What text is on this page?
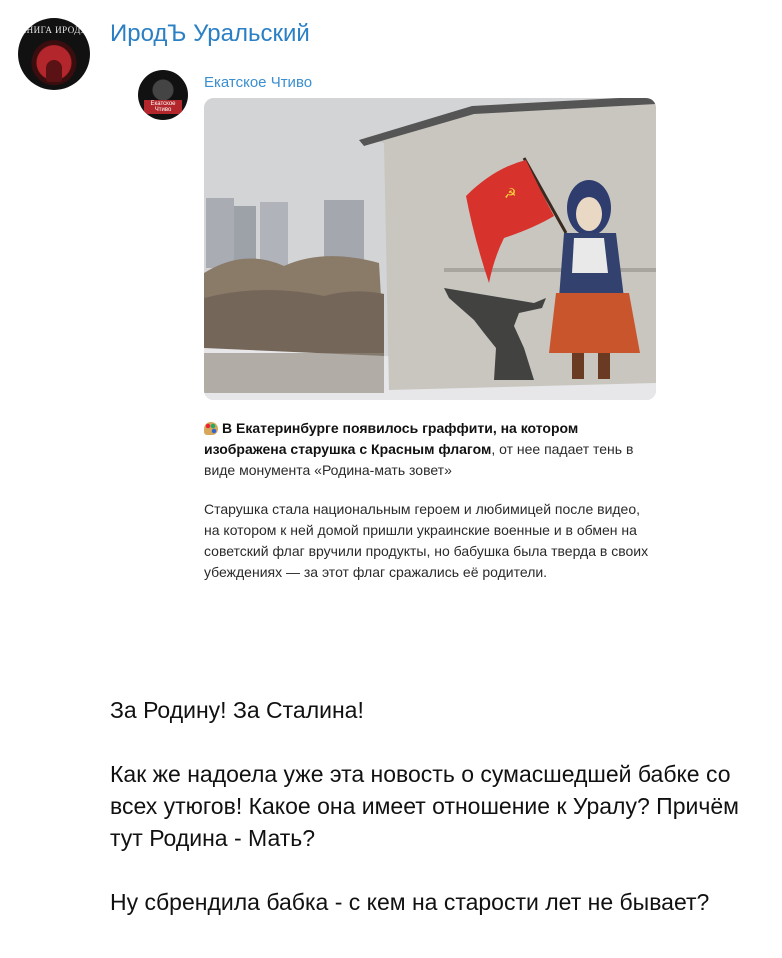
КНИГА ИРОДА ИродЪ Уральский
Екатское Чтиво
Екатское Чтиво
☭

В Екатеринбурге появилось граффити, на котором изображена старушка с Красным флагом, от нее падает тень в виде монумента «Родина-мать зовет»

Старушка стала национальным героем и любимицей после видео, на котором к ней домой пришли украинские военные и в обмен на советский флаг вручили продукты, но бабушка была тверда в своих убеждениях — за этот флаг сражались её родители.

За Родину! За Сталина!

Как же надоела уже эта новость о сумасшедшей бабке со всех утюгов! Какое она имеет отношение к Уралу? Причём тут Родина - Мать?

Ну сбрендила бабка - с кем на старости лет не бывает?
